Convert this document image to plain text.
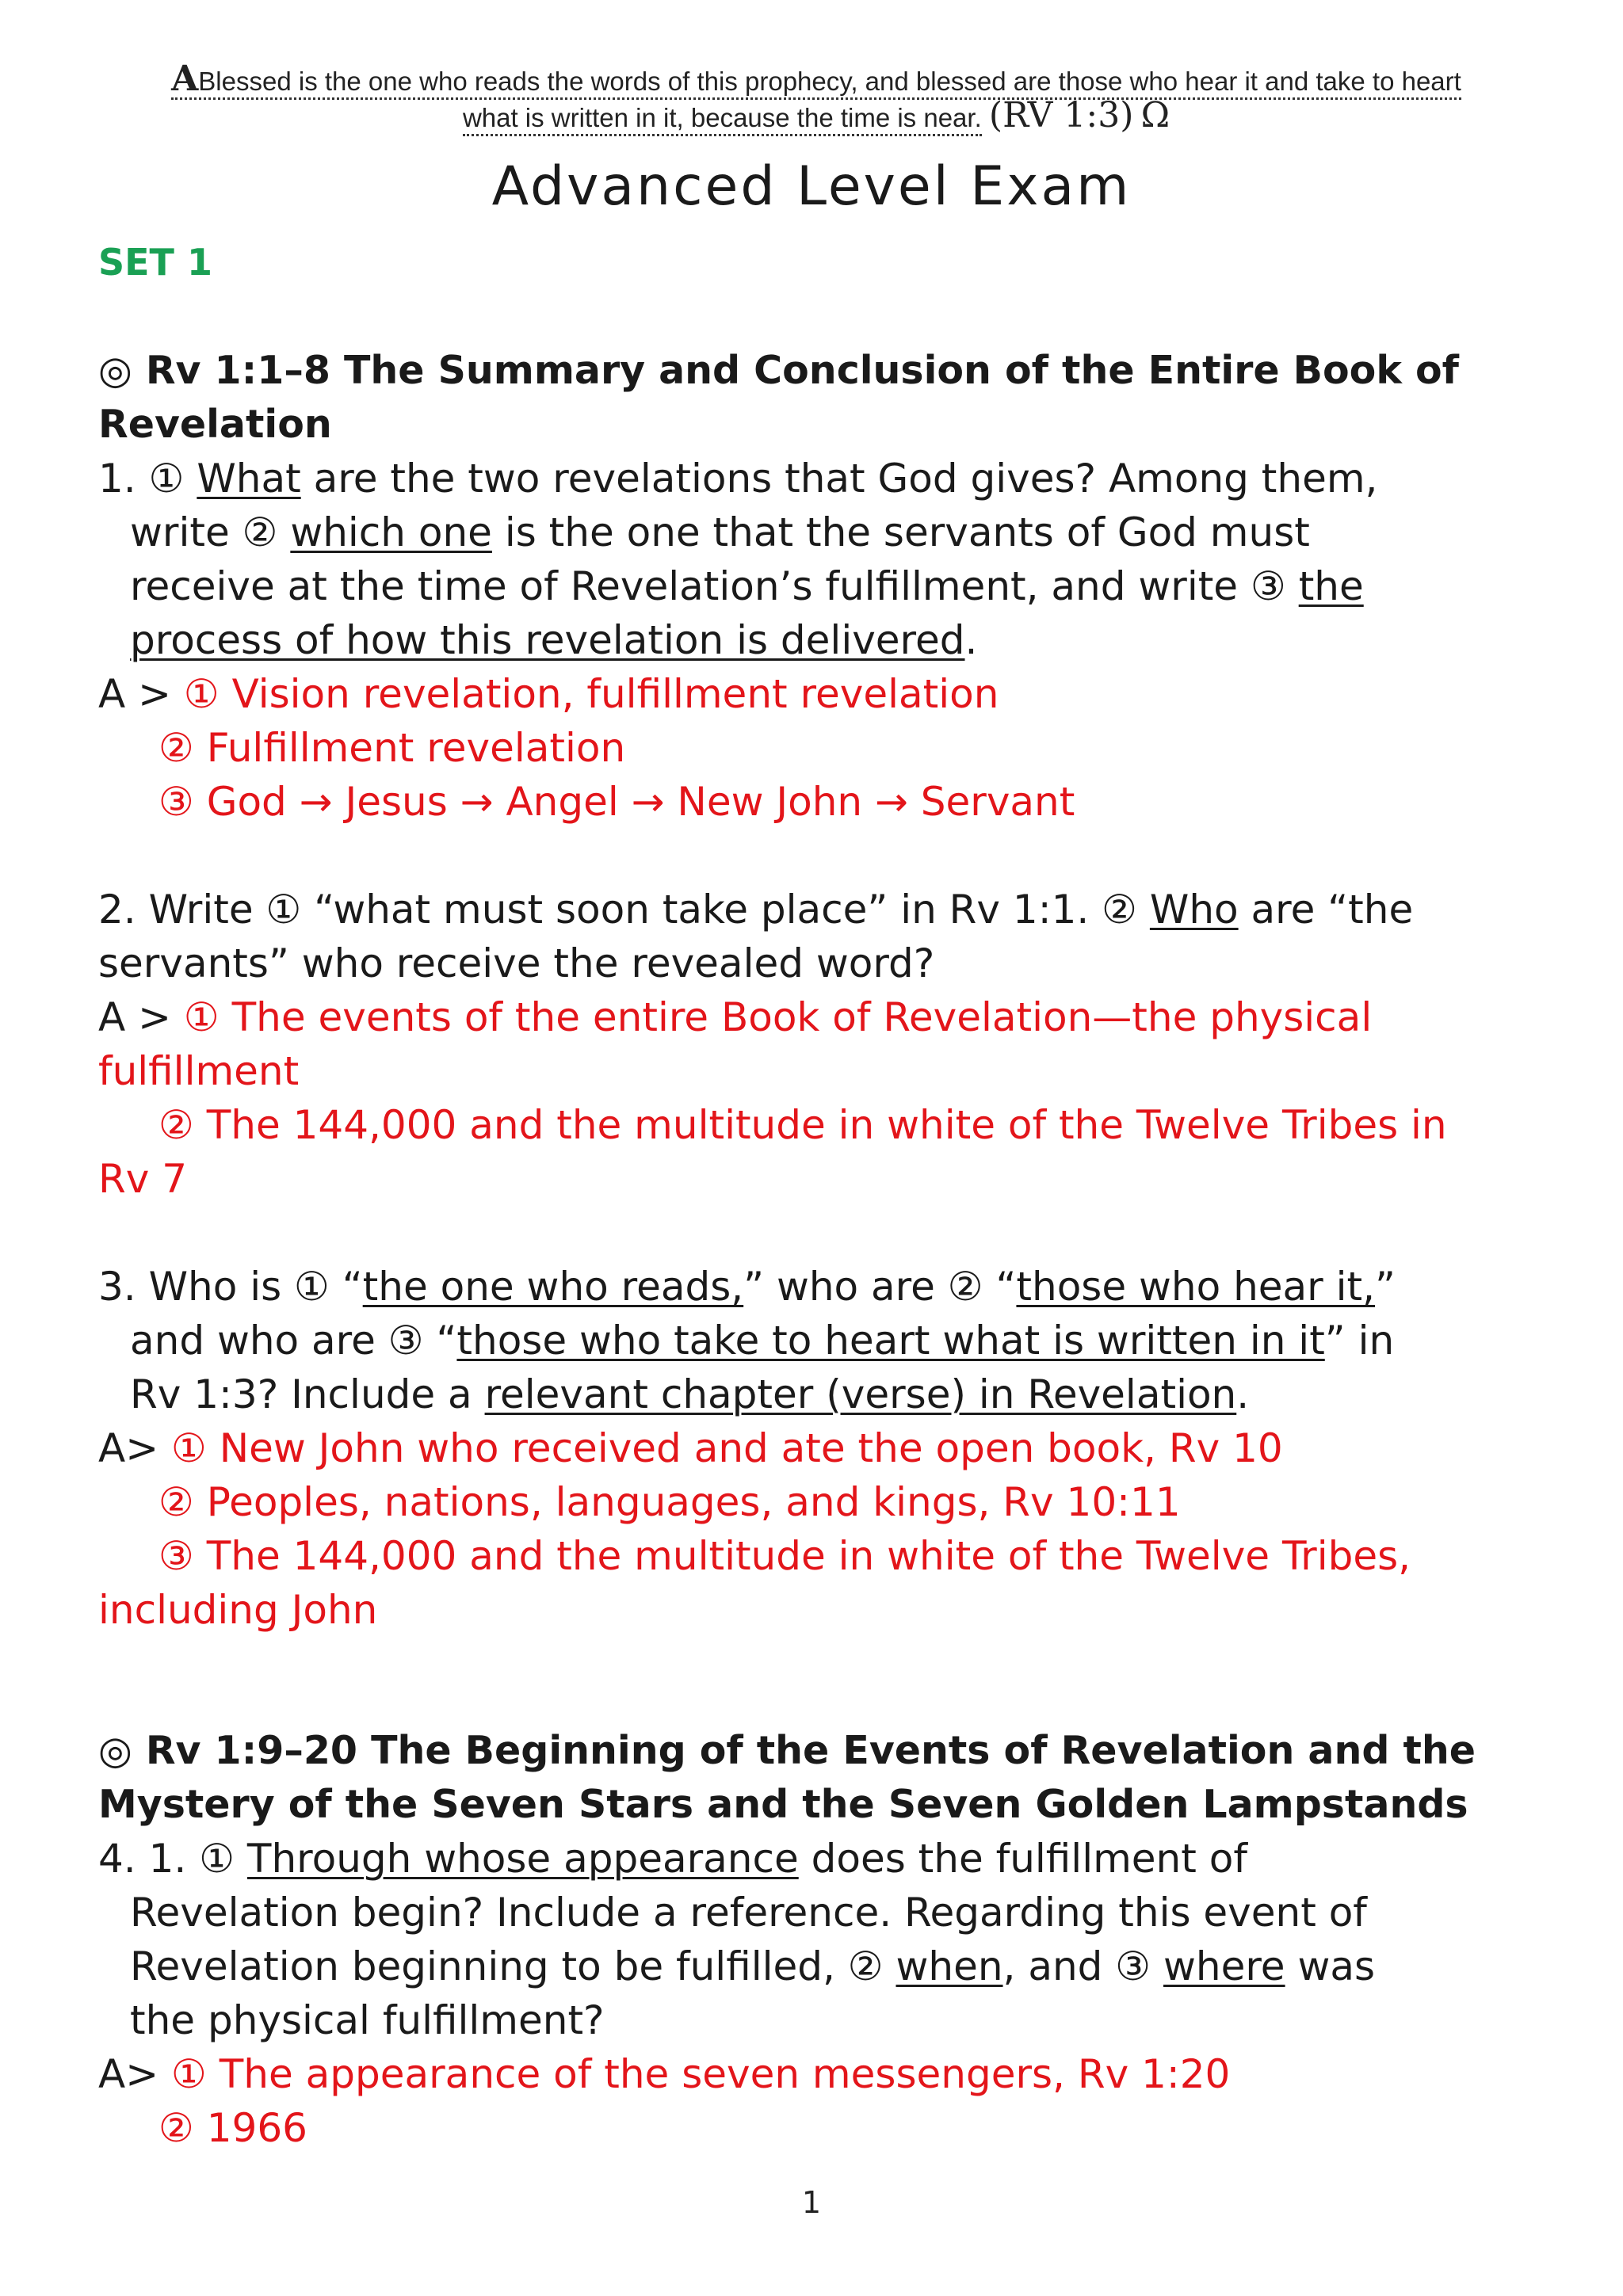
ABlessed is the one who reads the words of this prophecy, and blessed are those who hear it and take to heart
what is written in it, because the time is near. (RV 1:3) Ω
Advanced Level Exam
SET 1
◎ Rv 1:1–8 The Summary and Conclusion of the Entire Book of
Revelation
1. ① What are the two revelations that God gives? Among them,
write ② which one is the one that the servants of God must
receive at the time of Revelation’s fulfillment, and write ③ the
process of how this revelation is delivered.
A > ① Vision revelation, fulfillment revelation
② Fulfillment revelation
③ God → Jesus → Angel → New John → Servant
2. Write ① “what must soon take place” in Rv 1:1. ② Who are “the
servants” who receive the revealed word?
A > ① The events of the entire Book of Revelation—the physical
fulfillment
② The 144,000 and the multitude in white of the Twelve Tribes in
Rv 7
3. Who is ① “the one who reads,” who are ② “those who hear it,”
and who are ③ “those who take to heart what is written in it” in
Rv 1:3? Include a relevant chapter (verse) in Revelation.
A> ① New John who received and ate the open book, Rv 10
② Peoples, nations, languages, and kings, Rv 10:11
③ The 144,000 and the multitude in white of the Twelve Tribes,
including John
◎ Rv 1:9–20 The Beginning of the Events of Revelation and the
Mystery of the Seven Stars and the Seven Golden Lampstands
4. 1. ① Through whose appearance does the fulfillment of
Revelation begin? Include a reference. Regarding this event of
Revelation beginning to be fulfilled, ② when, and ③ where was
the physical fulfillment?
A> ① The appearance of the seven messengers, Rv 1:20
② 1966
1
